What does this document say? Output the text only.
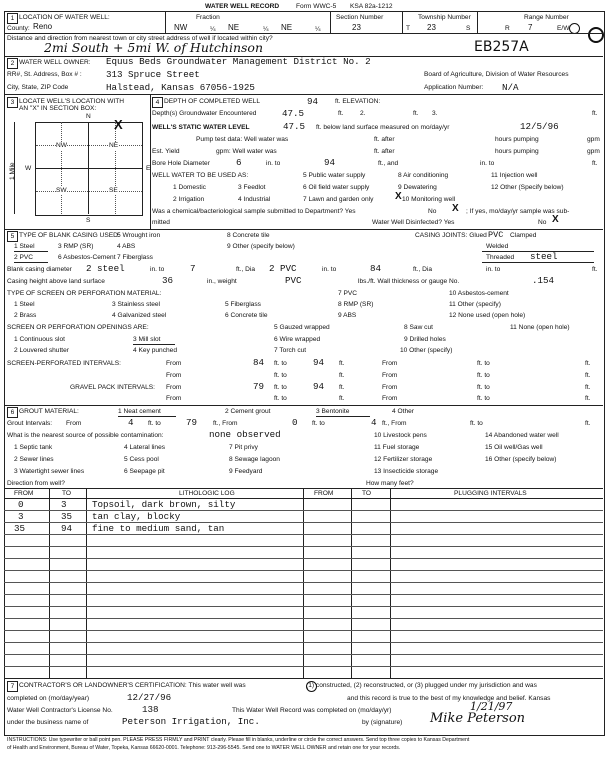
WATER WELL RECORD	Form WWC-5 KSA 82a-1212
1 LOCATION OF WATER WELL:
County: Reno
Fraction
NW	¼ NE	¼ NE	¼
Section Number
23
Township Number
T 23	S
Range Number
R 7	E/W
Distance and direction from nearest town or city street address of well if located within city?
2mi South + 5mi W. of Hutchinson	EB257A
2 WATER WELL OWNER: Equus Beds Groundwater Management District No. 2
RR#, St. Address, Box # :	313 Spruce Street	Board of Agriculture, Division of Water Resources
City, State, ZIP Code	Halstead, Kansas 67056-1925	Application Number: N/A
3 LOCATE WELL'S LOCATION WITH
AN "X" IN SECTION BOX:
N
S
W	E
1 Mile
NW	NE
SW	SE
X
4 DEPTH OF COMPLETED WELL	94	ft. ELEVATION:
Depth(s) Groundwater Encountered	47.5	ft.	2.	ft. 3.	ft.
WELL'S STATIC WATER LEVEL	47.5 ft. below land surface measured on mo/day/yr	12/5/96
Pump test data: Well water was	ft. after	hours pumping	gpm
Est. Yield	gpm: Well water was	ft. after	hours pumping	gpm
Bore Hole Diameter	6	in. to	94	ft., and	in. to	ft.
WELL WATER TO BE USED AS:	5 Public water supply	8 Air conditioning	11 Injection well
1 Domestic	3 Feedlot	6 Oil field water supply	9 Dewatering	12 Other (Specify below)
2 Irrigation	4 Industrial	7 Lawn and garden only	10 Monitoring well
X
Was a chemical/bacteriological sample submitted to Department? Yes	No X ; If yes, mo/day/yr sample was sub-
mitted	Water Well Disinfected? Yes	No X
5 TYPE OF BLANK CASING USED:
5 Wrought iron	8 Concrete tile	CASING JOINTS: Glued PVC Clamped
1 Steel	3 RMP (SR)	4 ABS	9 Other (specify below)	Welded
2 PVC	6 Asbestos-Cement 7 Fiberglass	Threaded steel
Blank casing diameter 2 steel	in. to	7	ft., Dia 2 PVC	in. to	84	ft., Dia	in. to	ft.
Casing height above land surface	36	in., weight	PVC	lbs./ft. Wall thickness or gauge No.	.154
TYPE OF SCREEN OR PERFORATION MATERIAL:	7 PVC	10 Asbestos-cement
1 Steel	3 Stainless steel	5 Fiberglass	8 RMP (SR)	11 Other (specify)
2 Brass	4 Galvanized steel	6 Concrete tile	9 ABS	12 None used (open hole)
SCREEN OR PERFORATION OPENINGS ARE:	5 Gauzed wrapped	8 Saw cut	11 None (open hole)
1 Continuous slot	3 Mill slot	6 Wire wrapped	9 Drilled holes
2 Louvered shutter	4 Key punched	7 Torch cut	10 Other (specify)
SCREEN-PERFORATED INTERVALS:	From	84 ft. to	94 ft.	From	ft. to	ft.
From	ft. to	ft.	From	ft. to	ft.
GRAVEL PACK INTERVALS: From	79 ft. to	94 ft.	From	ft. to	ft.
From	ft. to	ft.	From	ft. to	ft.
6 GROUT MATERIAL:	1 Neat cement	2 Cement grout	3 Bentonite	4 Other
Grout Intervals: From	4 ft. to	79 ft., From	0 ft. to	4 ft., From	ft. to	ft.
What is the nearest source of possible contamination:	none observed	10 Livestock pens	14 Abandoned water well
1 Septic tank	4 Lateral lines	7 Pit privy	11 Fuel storage	15 Oil well/Gas well
2 Sewer lines	5 Cess pool	8 Sewage lagoon	12 Fertilizer storage	16 Other (specify below)
3 Watertight sewer lines	6 Seepage pit	9 Feedyard	13 Insecticide storage
Direction from well?	How many feet?
FROM	TO	LITHOLOGIC LOG	FROM	TO	PLUGGING INTERVALS
0	3	Topsoil, dark brown, silty
3	35 tan clay, blocky
35	94 fine to medium sand, tan
7 CONTRACTOR'S OR LANDOWNER'S CERTIFICATION: This water well was	(1) constructed, (2) reconstructed, or (3) plugged under my jurisdiction and was
completed on (mo/day/year)	12/27/96	and this record is true to the best of my knowledge and belief. Kansas
Water Well Contractor's License No.	138	This Water Well Record was completed on (mo/day/yr)	1/21/97
under the business name of	Peterson Irrigation, Inc.	by (signature) Mike Peterson
INSTRUCTIONS: Use typewriter or ball point pen. PLEASE PRESS FIRMLY and PRINT clearly. Please fill in blanks, underline or circle the correct answers. Send top three copies to Kansas Department
of Health and Environment, Bureau of Water, Topeka, Kansas 66620-0001. Telephone: 913-296-5545. Send one to WATER WELL OWNER and retain one for your records.
